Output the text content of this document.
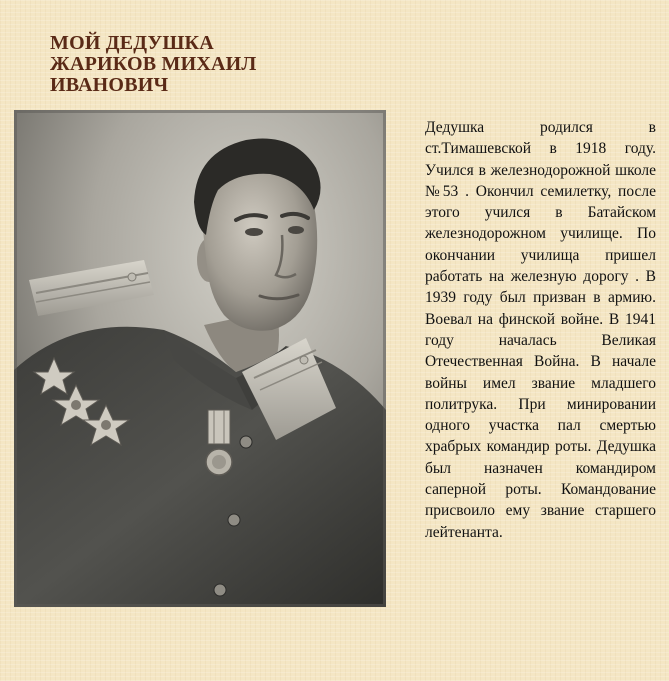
МОЙ ДЕДУШКА
ЖАРИКОВ МИХАИЛ
ИВАНОВИЧ

Дедушка родился в ст.Тимашевской в 1918 году. Учился в железнодорожной школе №53 . Окончил семилетку, после этого учился в Батайском железнодорожном училище. По окончании училища пришел работать на железную дорогу . В 1939 году был призван в армию. Воевал на финской войне. В 1941 году началась Великая Отечественная Война. В начале войны имел звание младшего политрука. При минировании одного участка пал смертью храбрых командир роты. Дедушка был назначен командиром саперной роты. Командование присвоило ему звание старшего лейтенанта.
